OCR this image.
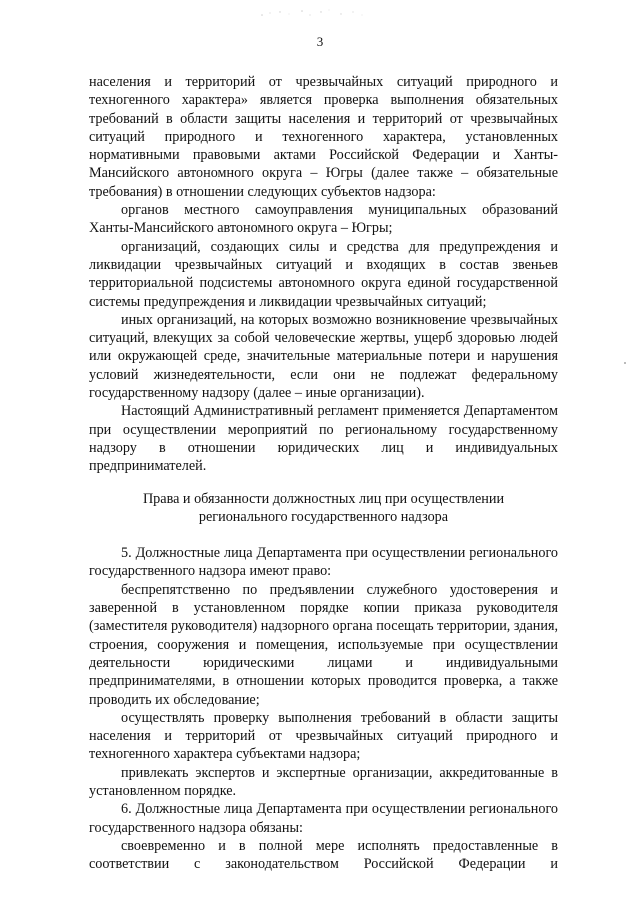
3

населения и территорий от чрезвычайных ситуаций природного и техногенного характера» является проверка выполнения обязательных требований в области защиты населения и территорий от чрезвычайных ситуаций природного и техногенного характера, установленных нормативными правовыми актами Российской Федерации и Ханты-Мансийского автономного округа – Югры (далее также – обязательные требования) в отношении следующих субъектов надзора:

органов местного самоуправления муниципальных образований Ханты-Мансийского автономного округа – Югры;

организаций, создающих силы и средства для предупреждения и ликвидации чрезвычайных ситуаций и входящих в состав звеньев территориальной подсистемы автономного округа единой государственной системы предупреждения и ликвидации чрезвычайных ситуаций;

иных организаций, на которых возможно возникновение чрезвычайных ситуаций, влекущих за собой человеческие жертвы, ущерб здоровью людей или окружающей среде, значительные материальные потери и нарушения условий жизнедеятельности, если они не подлежат федеральному государственному надзору (далее – иные организации).

Настоящий Административный регламент применяется Департаментом при осуществлении мероприятий по региональному государственному надзору в отношении юридических лиц и индивидуальных предпринимателей.

Права и обязанности должностных лиц при осуществлении
регионального государственного надзора

5. Должностные лица Департамента при осуществлении регионального государственного надзора имеют право:

беспрепятственно по предъявлении служебного удостоверения и заверенной в установленном порядке копии приказа руководителя (заместителя руководителя) надзорного органа посещать территории, здания, строения, сооружения и помещения, используемые при осуществлении деятельности юридическими лицами и индивидуальными предпринимателями, в отношении которых проводится проверка, а также проводить их обследование;

осуществлять проверку выполнения требований в области защиты населения и территорий от чрезвычайных ситуаций природного и техногенного характера субъектами надзора;

привлекать экспертов и экспертные организации, аккредитованные в установленном порядке.

6. Должностные лица Департамента при осуществлении регионального государственного надзора обязаны:

своевременно и в полной мере исполнять предоставленные в соответствии с законодательством Российской Федерации и
